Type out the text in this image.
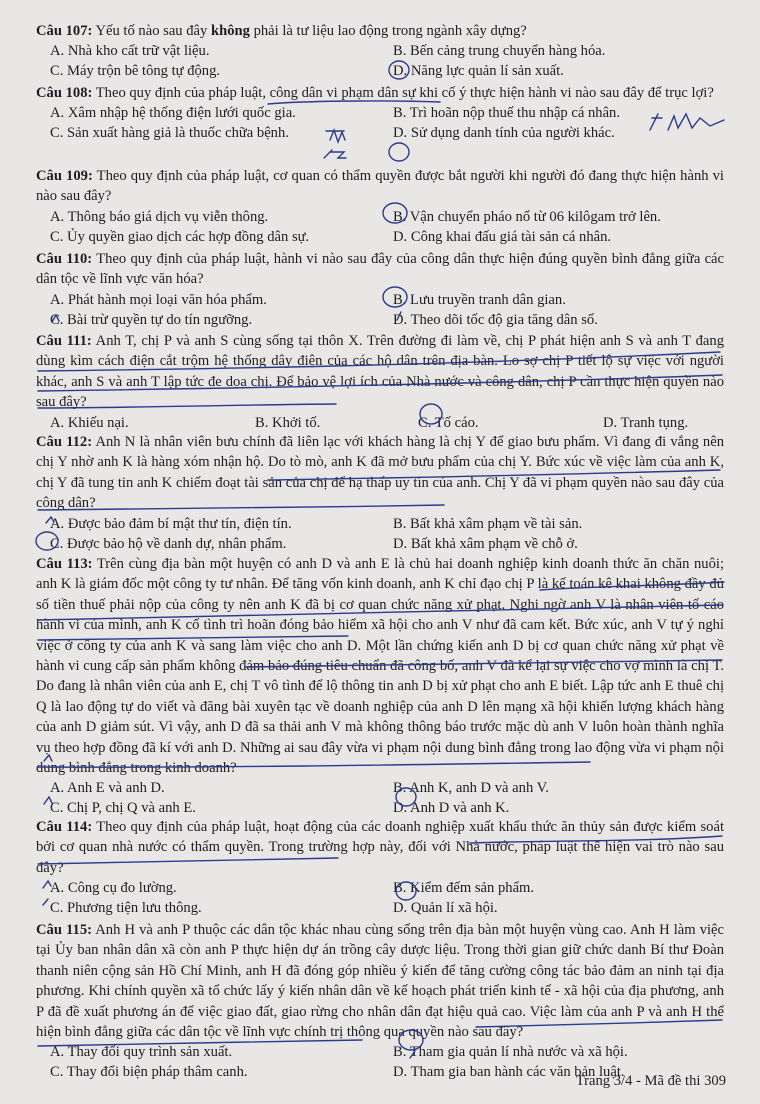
Câu 107: Yếu tố nào sau đây không phải là tư liệu lao động trong ngành xây dựng?

A. Nhà kho cất trữ vật liệu.	B. Bến cảng trung chuyển hàng hóa.
C. Máy trộn bê tông tự động.	D. Năng lực quản lí sản xuất.

Câu 108: Theo quy định của pháp luật, công dân vi phạm dân sự khi cố ý thực hiện hành vi nào sau đây để trục lợi?

A. Xâm nhập hệ thống điện lưới quốc gia.	B. Trì hoãn nộp thuế thu nhập cá nhân.
C. Sản xuất hàng giả là thuốc chữa bệnh.	D. Sử dụng danh tính của người khác.

Câu 109: Theo quy định của pháp luật, cơ quan có thẩm quyền được bắt người khi người đó đang thực hiện hành vi nào sau đây?

A. Thông báo giá dịch vụ viễn thông.	B. Vận chuyển pháo nổ từ 06 kilôgam trở lên.
C. Ủy quyền giao dịch các hợp đồng dân sự.	D. Công khai đấu giá tài sản cá nhân.

Câu 110: Theo quy định của pháp luật, hành vi nào sau đây của công dân thực hiện đúng quyền bình đẳng giữa các dân tộc về lĩnh vực văn hóa?

A. Phát hành mọi loại văn hóa phẩm.	B. Lưu truyền tranh dân gian.
C. Bài trừ quyền tự do tín ngưỡng.	D. Theo dõi tốc độ gia tăng dân số.

Câu 111: Anh T, chị P và anh S cùng sống tại thôn X. Trên đường đi làm về, chị P phát hiện anh S và anh T đang dùng kìm cách điện cắt trộm hệ thống dây điện của các hộ dân trên địa bàn. Lo sợ chị P tiết lộ sự việc với người khác, anh S và anh T lập tức đe dọa chị. Để bảo vệ lợi ích của Nhà nước và công dân, chị P cần thực hiện quyền nào sau đây?

A. Khiếu nại.	B. Khởi tố.	C. Tố cáo.	D. Tranh tụng.

Câu 112: Anh N là nhân viên bưu chính đã liên lạc với khách hàng là chị Y để giao bưu phẩm. Vì đang đi vắng nên chị Y nhờ anh K là hàng xóm nhận hộ. Do tò mò, anh K đã mở bưu phẩm của chị Y. Bức xúc về việc làm của anh K, chị Y đã tung tin anh K chiếm đoạt tài sản của chị để hạ thấp uy tín của anh. Chị Y đã vi phạm quyền nào sau đây của công dân?

A. Được bảo đảm bí mật thư tín, điện tín.	B. Bất khả xâm phạm về tài sản.
C. Được bảo hộ về danh dự, nhân phẩm.	D. Bất khả xâm phạm về chỗ ở.

Câu 113: Trên cùng địa bàn một huyện có anh D và anh E là chủ hai doanh nghiệp kinh doanh thức ăn chăn nuôi; anh K là giám đốc một công ty tư nhân. Để tăng vốn kinh doanh, anh K chỉ đạo chị P là kế toán kê khai không đầy đủ số tiền thuế phải nộp của công ty nên anh K đã bị cơ quan chức năng xử phạt. Nghi ngờ anh V là nhân viên tố cáo hành vi của mình, anh K cố tình trì hoãn đóng bảo hiểm xã hội cho anh V như đã cam kết. Bức xúc, anh V tự ý nghỉ việc ở công ty của anh K và sang làm việc cho anh D. Một lần chứng kiến anh D bị cơ quan chức năng xử phạt về hành vi cung cấp sản phẩm không đảm bảo đúng tiêu chuẩn đã công bố, anh V đã kể lại sự việc cho vợ mình là chị T. Do đang là nhân viên của anh E, chị T vô tình để lộ thông tin anh D bị xử phạt cho anh E biết. Lập tức anh E thuê chị Q là lao động tự do viết và đăng bài xuyên tạc về doanh nghiệp của anh D lên mạng xã hội khiến lượng khách hàng của anh D giảm sút. Vì vậy, anh D đã sa thải anh V mà không thông báo trước mặc dù anh V luôn hoàn thành nghĩa vụ theo hợp đồng đã kí với anh D. Những ai sau đây vừa vi phạm nội dung bình đẳng trong lao động vừa vi phạm nội dung bình đẳng trong kinh doanh?

A. Anh E và anh D.	B. Anh K, anh D và anh V.
C. Chị P, chị Q và anh E.	D. Anh D và anh K.

Câu 114: Theo quy định của pháp luật, hoạt động của các doanh nghiệp xuất khẩu thức ăn thủy sản được kiểm soát bởi cơ quan nhà nước có thẩm quyền. Trong trường hợp này, đối với Nhà nước, pháp luật thể hiện vai trò nào sau đây?

A. Công cụ đo lường.	B. Kiểm đếm sản phẩm.
C. Phương tiện lưu thông.	D. Quản lí xã hội.

Câu 115: Anh H và anh P thuộc các dân tộc khác nhau cùng sống trên địa bàn một huyện vùng cao. Anh H làm việc tại Ủy ban nhân dân xã còn anh P thực hiện dự án trồng cây dược liệu. Trong thời gian giữ chức danh Bí thư Đoàn thanh niên cộng sản Hồ Chí Minh, anh H đã đóng góp nhiều ý kiến để tăng cường công tác bảo đảm an ninh tại địa phương. Khi chính quyền xã tổ chức lấy ý kiến nhân dân về kế hoạch phát triển kinh tế - xã hội của địa phương, anh P đã đề xuất phương án để việc giao đất, giao rừng cho nhân dân đạt hiệu quả cao. Việc làm của anh P và anh H thể hiện bình đẳng giữa các dân tộc về lĩnh vực chính trị thông qua quyền nào sau đây?

A. Thay đổi quy trình sản xuất.	B. Tham gia quản lí nhà nước và xã hội.
C. Thay đổi biện pháp thâm canh.	D. Tham gia ban hành các văn bản luật.
Trang 3/4 - Mã đề thi 309
